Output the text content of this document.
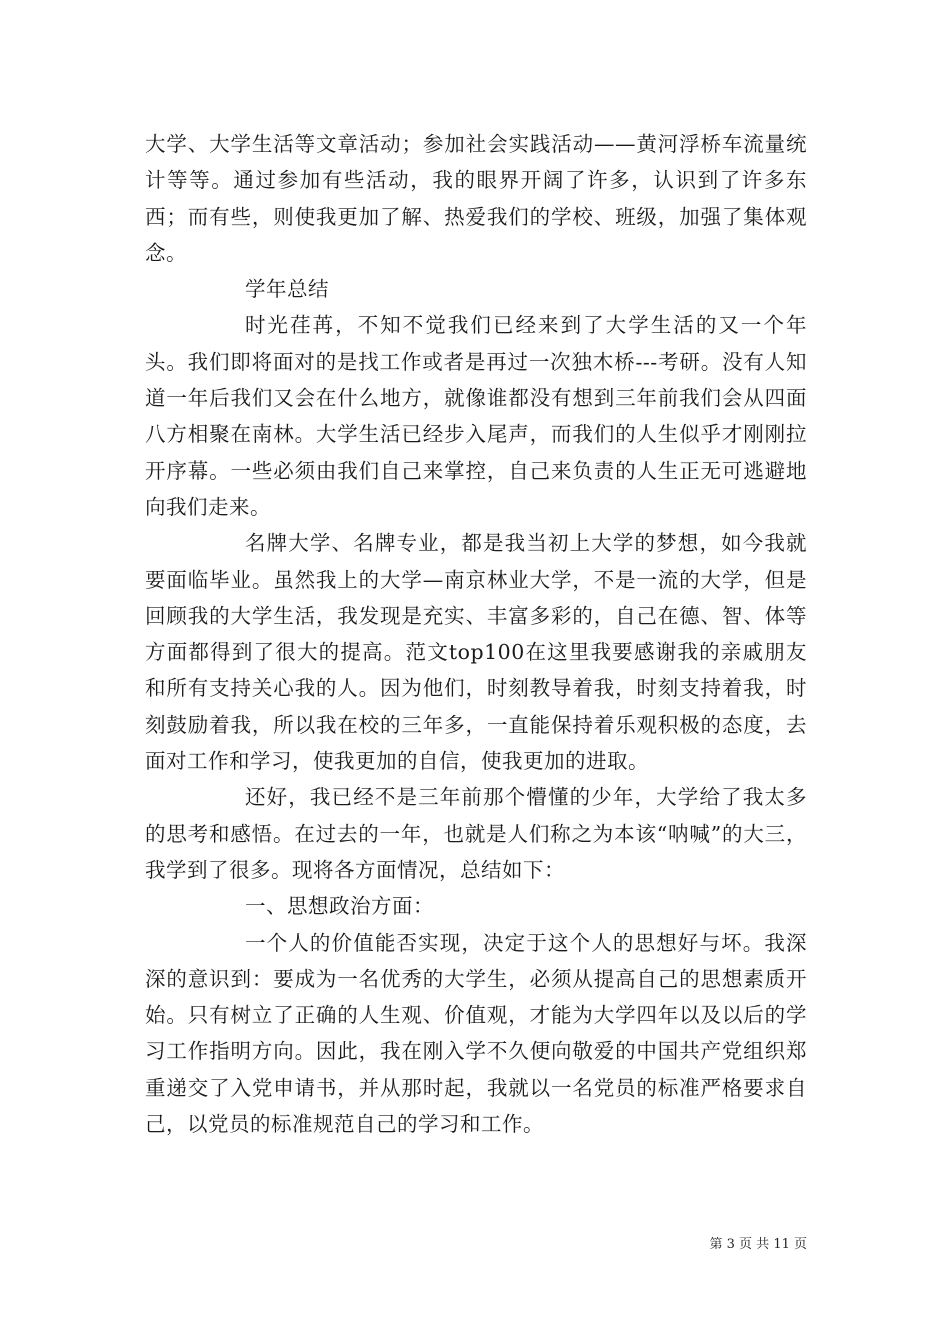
大学、大学生活等文章活动；参加社会实践活动——黄河浮桥车流量统计等等。通过参加有些活动，我的眼界开阔了许多，认识到了许多东西；而有些，则使我更加了解、热爱我们的学校、班级，加强了集体观念。

学年总结

时光荏苒，不知不觉我们已经来到了大学生活的又一个年头。我们即将面对的是找工作或者是再过一次独木桥---考研。没有人知道一年后我们又会在什么地方，就像谁都没有想到三年前我们会从四面八方相聚在南林。大学生活已经步入尾声，而我们的人生似乎才刚刚拉开序幕。一些必须由我们自己来掌控，自己来负责的人生正无可逃避地向我们走来。

名牌大学、名牌专业，都是我当初上大学的梦想，如今我就要面临毕业。虽然我上的大学—南京林业大学，不是一流的大学，但是回顾我的大学生活，我发现是充实、丰富多彩的，自己在德、智、体等方面都得到了很大的提高。范文top100在这里我要感谢我的亲戚朋友和所有支持关心我的人。因为他们，时刻教导着我，时刻支持着我，时刻鼓励着我，所以我在校的三年多，一直能保持着乐观积极的态度，去面对工作和学习，使我更加的自信，使我更加的进取。

还好，我已经不是三年前那个懵懂的少年，大学给了我太多的思考和感悟。在过去的一年，也就是人们称之为本该“呐喊”的大三，我学到了很多。现将各方面情况，总结如下：

一、思想政治方面：

一个人的价值能否实现，决定于这个人的思想好与坏。我深深的意识到：要成为一名优秀的大学生，必须从提高自己的思想素质开始。只有树立了正确的人生观、价值观，才能为大学四年以及以后的学习工作指明方向。因此，我在刚入学不久便向敬爱的中国共产党组织郑重递交了入党申请书，并从那时起，我就以一名党员的标准严格要求自己，以党员的标准规范自己的学习和工作。

第 3 页 共 11 页
